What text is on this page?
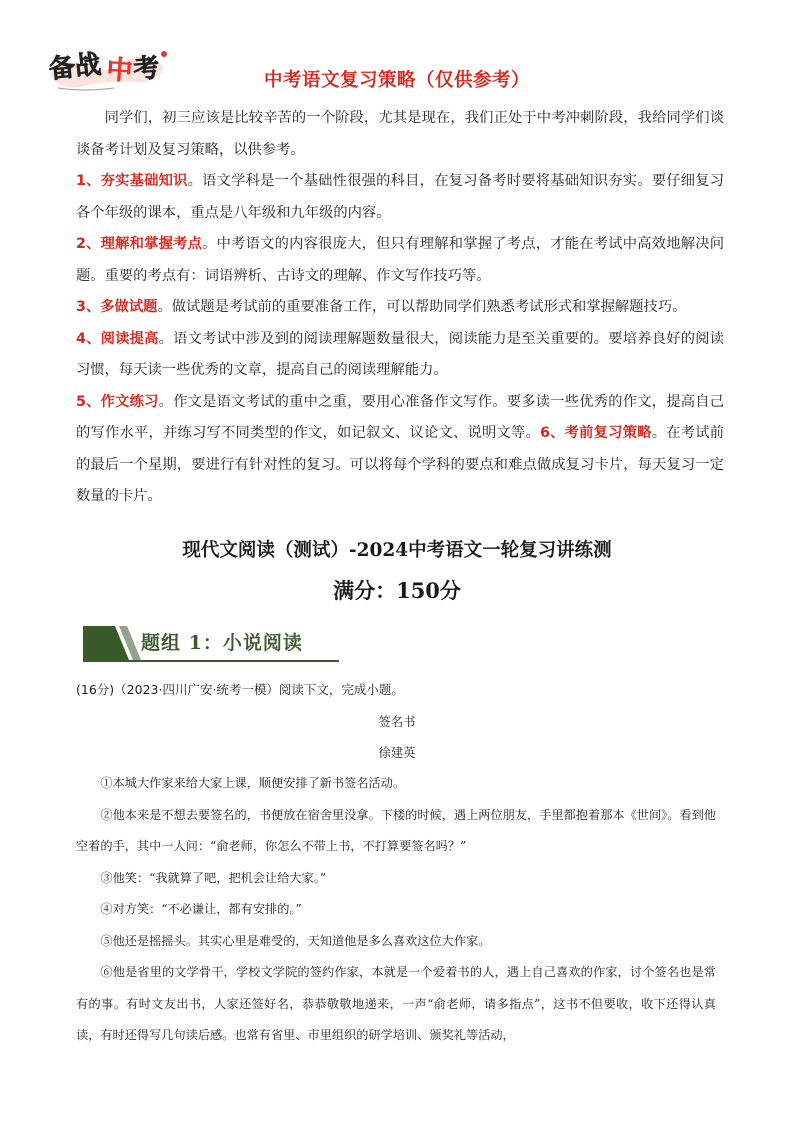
备战 中
考	中考语文复习策略（仅供参考）

同学们，初三应该是比较辛苦的一个阶段，尤其是现在，我们正处于中考冲刺阶段，我给同学们谈谈备考计划及复习策略，以供参考。

1、夯实基础知识。语文学科是一个基础性很强的科目，在复习备考时要将基础知识夯实。要仔细复习各个年级的课本，重点是八年级和九年级的内容。

2、理解和掌握考点。中考语文的内容很庞大，但只有理解和掌握了考点，才能在考试中高效地解决问题。重要的考点有：词语辨析、古诗文的理解、作文写作技巧等。

3、多做试题。做试题是考试前的重要准备工作，可以帮助同学们熟悉考试形式和掌握解题技巧。

4、阅读提高。语文考试中涉及到的阅读理解题数量很大，阅读能力是至关重要的。要培养良好的阅读习惯，每天读一些优秀的文章，提高自己的阅读理解能力。

5、作文练习。作文是语文考试的重中之重，要用心准备作文写作。要多读一些优秀的作文，提高自己的写作水平，并练习写不同类型的作文，如记叙文、议论文、说明文等。6、考前复习策略。在考试前的最后一个星期，要进行有针对性的复习。可以将每个学科的要点和难点做成复习卡片，每天复习一定数量的卡片。

现代文阅读（测试）-2024中考语文一轮复习讲练测
满分：150分
题组 1：小说阅读
(16分)（2023·四川广安·统考一模）阅读下文，完成小题。
签名书
徐建英

①本城大作家来给大家上课，顺便安排了新书签名活动。

②他本来是不想去要签名的，书便放在宿舍里没拿。下楼的时候，遇上两位朋友，手里都抱着那本《世间》。看到他空着的手，其中一人问：“俞老师，你怎么不带上书，不打算要签名吗？”

③他笑：“我就算了吧，把机会让给大家。”

④对方笑：“不必谦让，都有安排的。”

⑤他还是摇摇头。其实心里是难受的，天知道他是多么喜欢这位大作家。

⑥他是省里的文学骨干，学校文学院的签约作家，本就是一个爱着书的人，遇上自己喜欢的作家，讨个签名也是常有的事。有时文友出书，人家还签好名，恭恭敬敬地递来，一声“俞老师，请多指点”，这书不但要收，收下还得认真读，有时还得写几句读后感。也常有省里、市里组织的研学培训、颁奖礼等活动，
